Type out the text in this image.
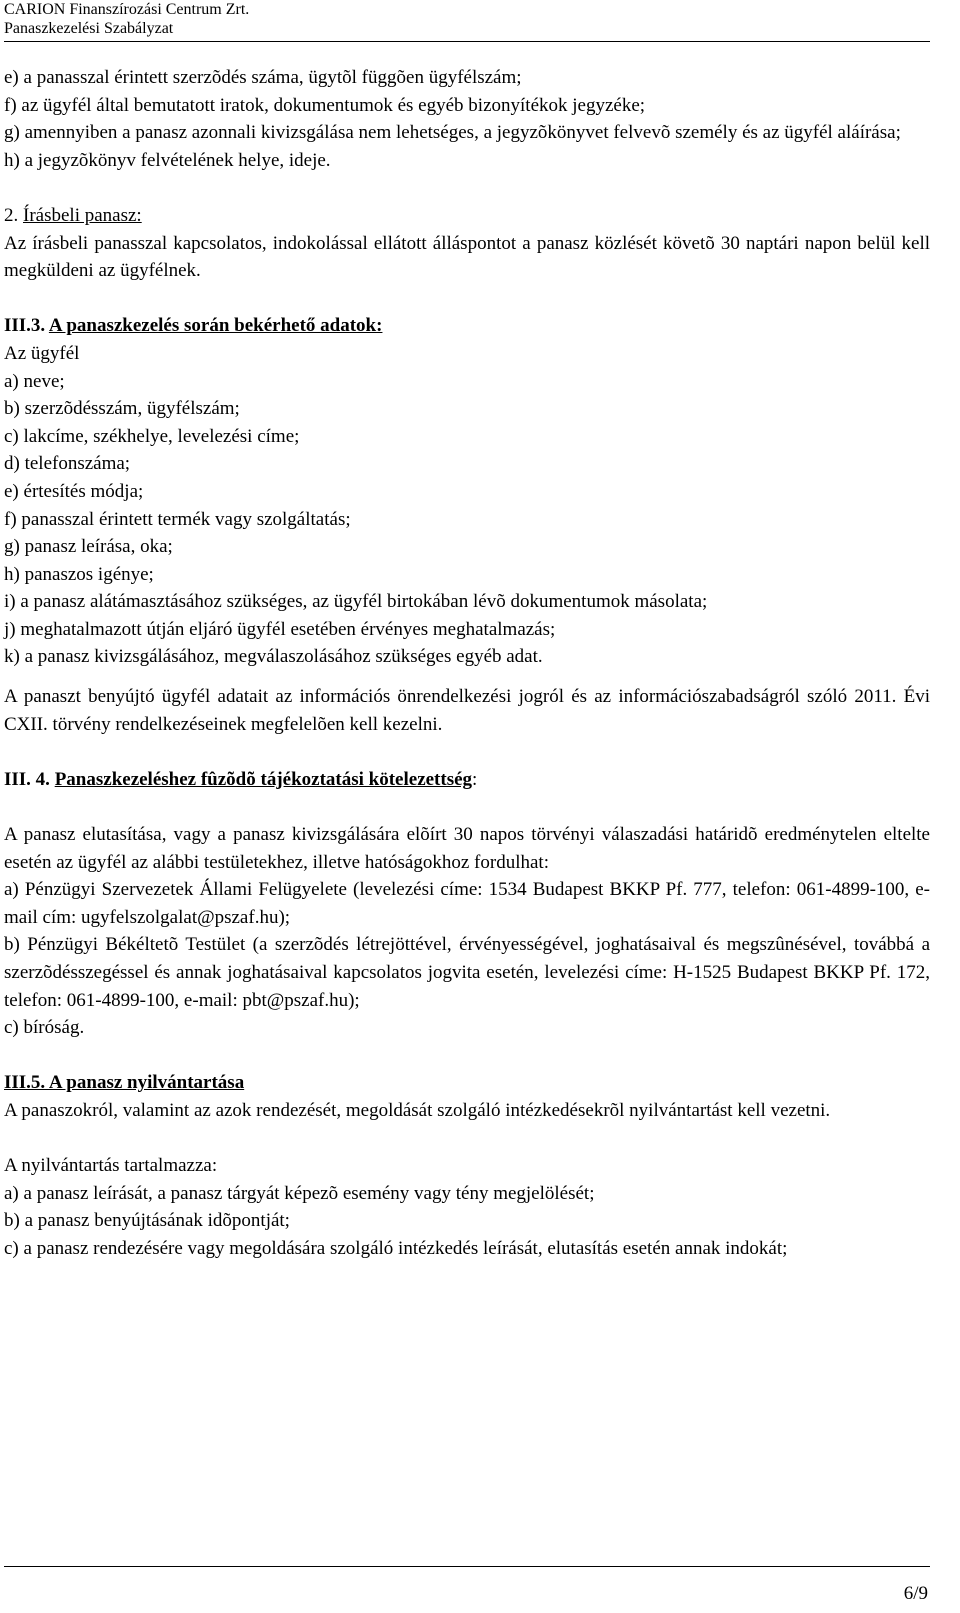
CARION Finanszírozási Centrum Zrt.
Panaszkezelési Szabályzat

e) a panasszal érintett szerzõdés száma, ügytõl függõen ügyfélszám;

f) az ügyfél által bemutatott iratok, dokumentumok és egyéb bizonyítékok jegyzéke;

g) amennyiben a panasz azonnali kivizsgálása nem lehetséges, a jegyzõkönyvet felvevõ személy és az ügyfél aláírása;

h) a jegyzõkönyv felvételének helye, ideje.

2. Írásbeli panasz:

Az írásbeli panasszal kapcsolatos, indokolással ellátott álláspontot a panasz közlését követõ 30 naptári napon belül kell megküldeni az ügyfélnek.

III.3. A panaszkezelés során bekérhető adatok:

Az ügyfél

a) neve;

b) szerzõdésszám, ügyfélszám;

c) lakcíme, székhelye, levelezési címe;

d) telefonszáma;

e) értesítés módja;

f) panasszal érintett termék vagy szolgáltatás;

g) panasz leírása, oka;

h) panaszos igénye;

i) a panasz alátámasztásához szükséges, az ügyfél birtokában lévõ dokumentumok másolata;

j) meghatalmazott útján eljáró ügyfél esetében érvényes meghatalmazás;

k) a panasz kivizsgálásához, megválaszolásához szükséges egyéb adat.

A panaszt benyújtó ügyfél adatait az információs önrendelkezési jogról és az információszabadságról szóló 2011. Évi CXII. törvény rendelkezéseinek megfelelõen kell kezelni.

III. 4. Panaszkezeléshez fûzõdõ tájékoztatási kötelezettség:

A panasz elutasítása, vagy a panasz kivizsgálására elõírt 30 napos törvényi válaszadási határidõ eredménytelen eltelte esetén az ügyfél az alábbi testületekhez, illetve hatóságokhoz fordulhat:

a) Pénzügyi Szervezetek Állami Felügyelete (levelezési címe: 1534 Budapest BKKP Pf. 777, telefon: 061-4899-100, e-mail cím: ugyfelszolgalat@pszaf.hu);

b) Pénzügyi Békéltetõ Testület (a szerzõdés létrejöttével, érvényességével, joghatásaival és megszûnésével, továbbá a szerzõdésszegéssel és annak joghatásaival kapcsolatos jogvita esetén, levelezési címe: H-1525 Budapest BKKP Pf. 172, telefon: 061-4899-100, e-mail: pbt@pszaf.hu);

c) bíróság.

III.5. A panasz nyilvántartása

A panaszokról, valamint az azok rendezését, megoldását szolgáló intézkedésekrõl nyilvántartást kell vezetni.

A nyilvántartás tartalmazza:

a) a panasz leírását, a panasz tárgyát képezõ esemény vagy tény megjelölését;

b) a panasz benyújtásának idõpontját;

c) a panasz rendezésére vagy megoldására szolgáló intézkedés leírását, elutasítás esetén annak indokát;

6/9
